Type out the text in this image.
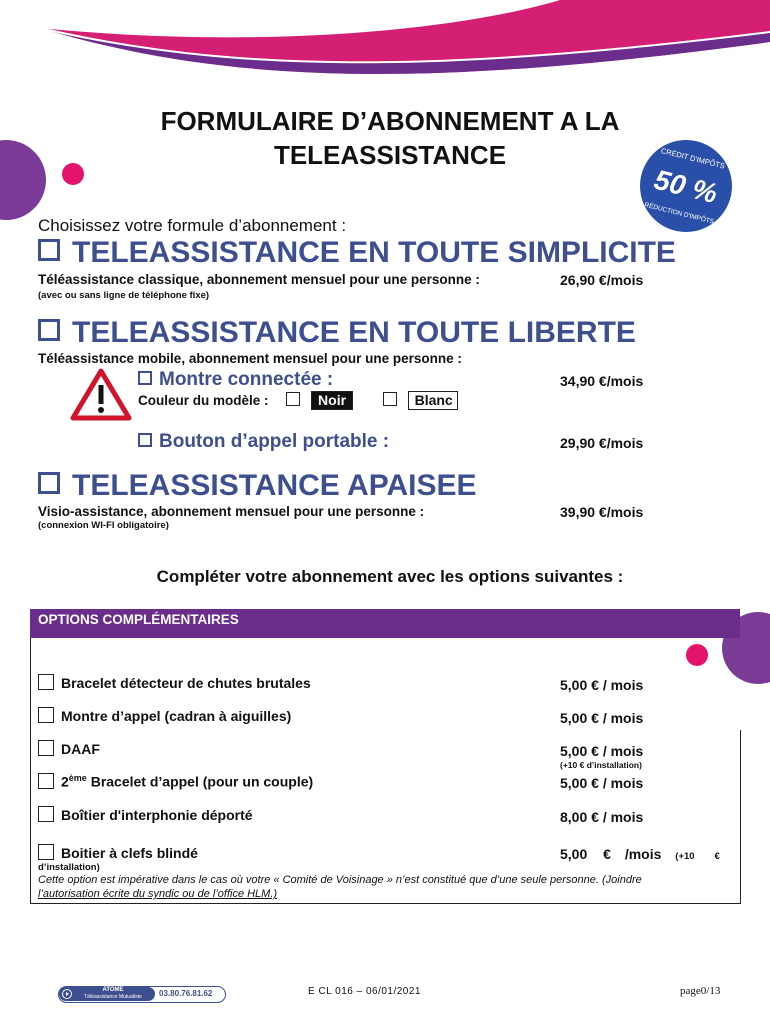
FORMULAIRE D’ABONNEMENT A LA
TELEASSISTANCE	CRÉDIT D'IMPÔTS
50 %
RÉDUCTION D'IMPÔTS
Choisissez votre formule d’abonnement :
TELEASSISTANCE EN TOUTE SIMPLICITE
Téléassistance classique, abonnement mensuel pour une personne :	26,90 €/mois
(avec ou sans ligne de téléphone fixe)
TELEASSISTANCE EN TOUTE LIBERTE
Téléassistance mobile, abonnement mensuel pour une personne :
Montre connectée :	34,90 €/mois
Couleur du modèle :	Noir	Blanc
Bouton d’appel portable :	29,90 €/mois
TELEASSISTANCE APAISEE
Visio-assistance, abonnement mensuel pour une personne :	39,90 €/mois
(connexion WI-FI obligatoire)
Compléter votre abonnement avec les options suivantes :
OPTIONS COMPLÉMENTAIRES
Bracelet détecteur de chutes brutales	5,00 € / mois
Montre d’appel (cadran à aiguilles)	5,00 € / mois
DAAF	5,00 € / mois
(+10 € d’installation)
2ème Bracelet d’appel (pour un couple)	5,00 € / mois
Boîtier d'interphonie déporté	8,00 € / mois
Boitier à clefs blindé	5,00 € /mois (+10 €
d’installation)
Cette option est impérative dans le cas où votre « Comité de Voisinage » n’est constitué que d’une seule personne. (Joindre
l’autorisation écrite du syndic ou de l’office HLM.)
ATOME
Téléassistance Mutualiste	03.80.76.81.62	E CL 016 – 06/01/2021	page0/13
